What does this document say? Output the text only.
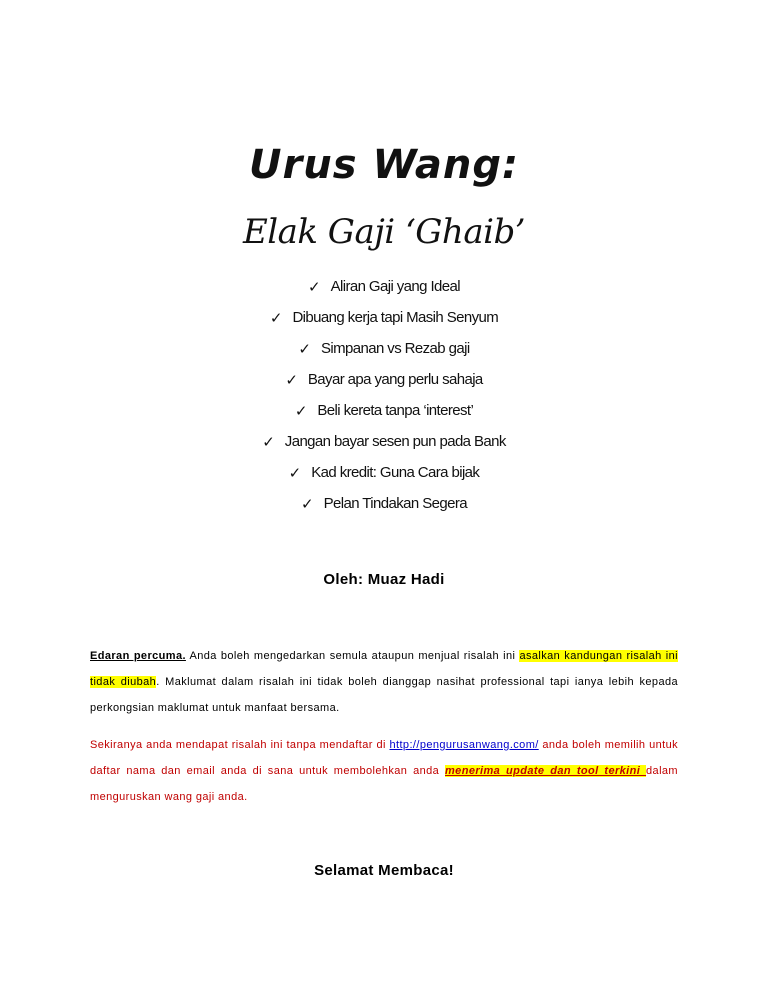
Urus Wang:
Elak Gaji ‘Ghaib’
✓ Aliran Gaji yang Ideal
✓ Dibuang kerja tapi Masih Senyum
✓ Simpanan vs Rezab gaji
✓ Bayar apa yang perlu sahaja
✓ Beli kereta tanpa ‘interest’
✓ Jangan bayar sesen pun pada Bank
✓ Kad kredit: Guna Cara bijak
✓ Pelan Tindakan Segera
Oleh: Muaz Hadi

Edaran percuma. Anda boleh mengedarkan semula ataupun menjual risalah ini asalkan kandungan risalah ini tidak diubah. Maklumat dalam risalah ini tidak boleh dianggap nasihat professional tapi ianya lebih kepada perkongsian maklumat untuk manfaat bersama.

Sekiranya anda mendapat risalah ini tanpa mendaftar di http://pengurusanwang.com/ anda boleh memilih untuk daftar nama dan email anda di sana untuk membolehkan anda menerima update dan tool terkini dalam menguruskan wang gaji anda.

Selamat Membaca!
